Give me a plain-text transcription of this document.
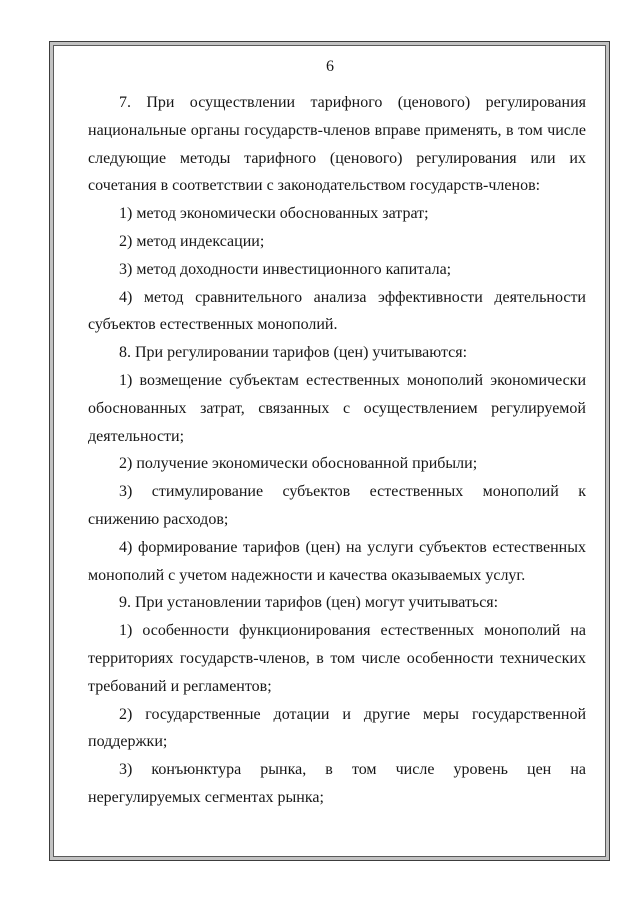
6
7. При осуществлении тарифного (ценового) регулирования
национальные органы государств-членов вправе применять, в том числе
следующие методы тарифного (ценового) регулирования или их
сочетания в соответствии с законодательством государств-членов:
1) метод экономически обоснованных затрат;
2) метод индексации;
3) метод доходности инвестиционного капитала;
4) метод сравнительного анализа эффективности деятельности
субъектов естественных монополий.
8. При регулировании тарифов (цен) учитываются:
1) возмещение субъектам естественных монополий экономически
обоснованных затрат, связанных с осуществлением регулируемой
деятельности;
2) получение экономически обоснованной прибыли;
3) стимулирование субъектов естественных монополий к
снижению расходов;
4) формирование тарифов (цен) на услуги субъектов естественных
монополий с учетом надежности и качества оказываемых услуг.
9. При установлении тарифов (цен) могут учитываться:
1) особенности функционирования естественных монополий на
территориях государств-членов, в том числе особенности технических
требований и регламентов;
2) государственные дотации и другие меры государственной
поддержки;
3) конъюнктура рынка, в том числе уровень цен на
нерегулируемых сегментах рынка;
